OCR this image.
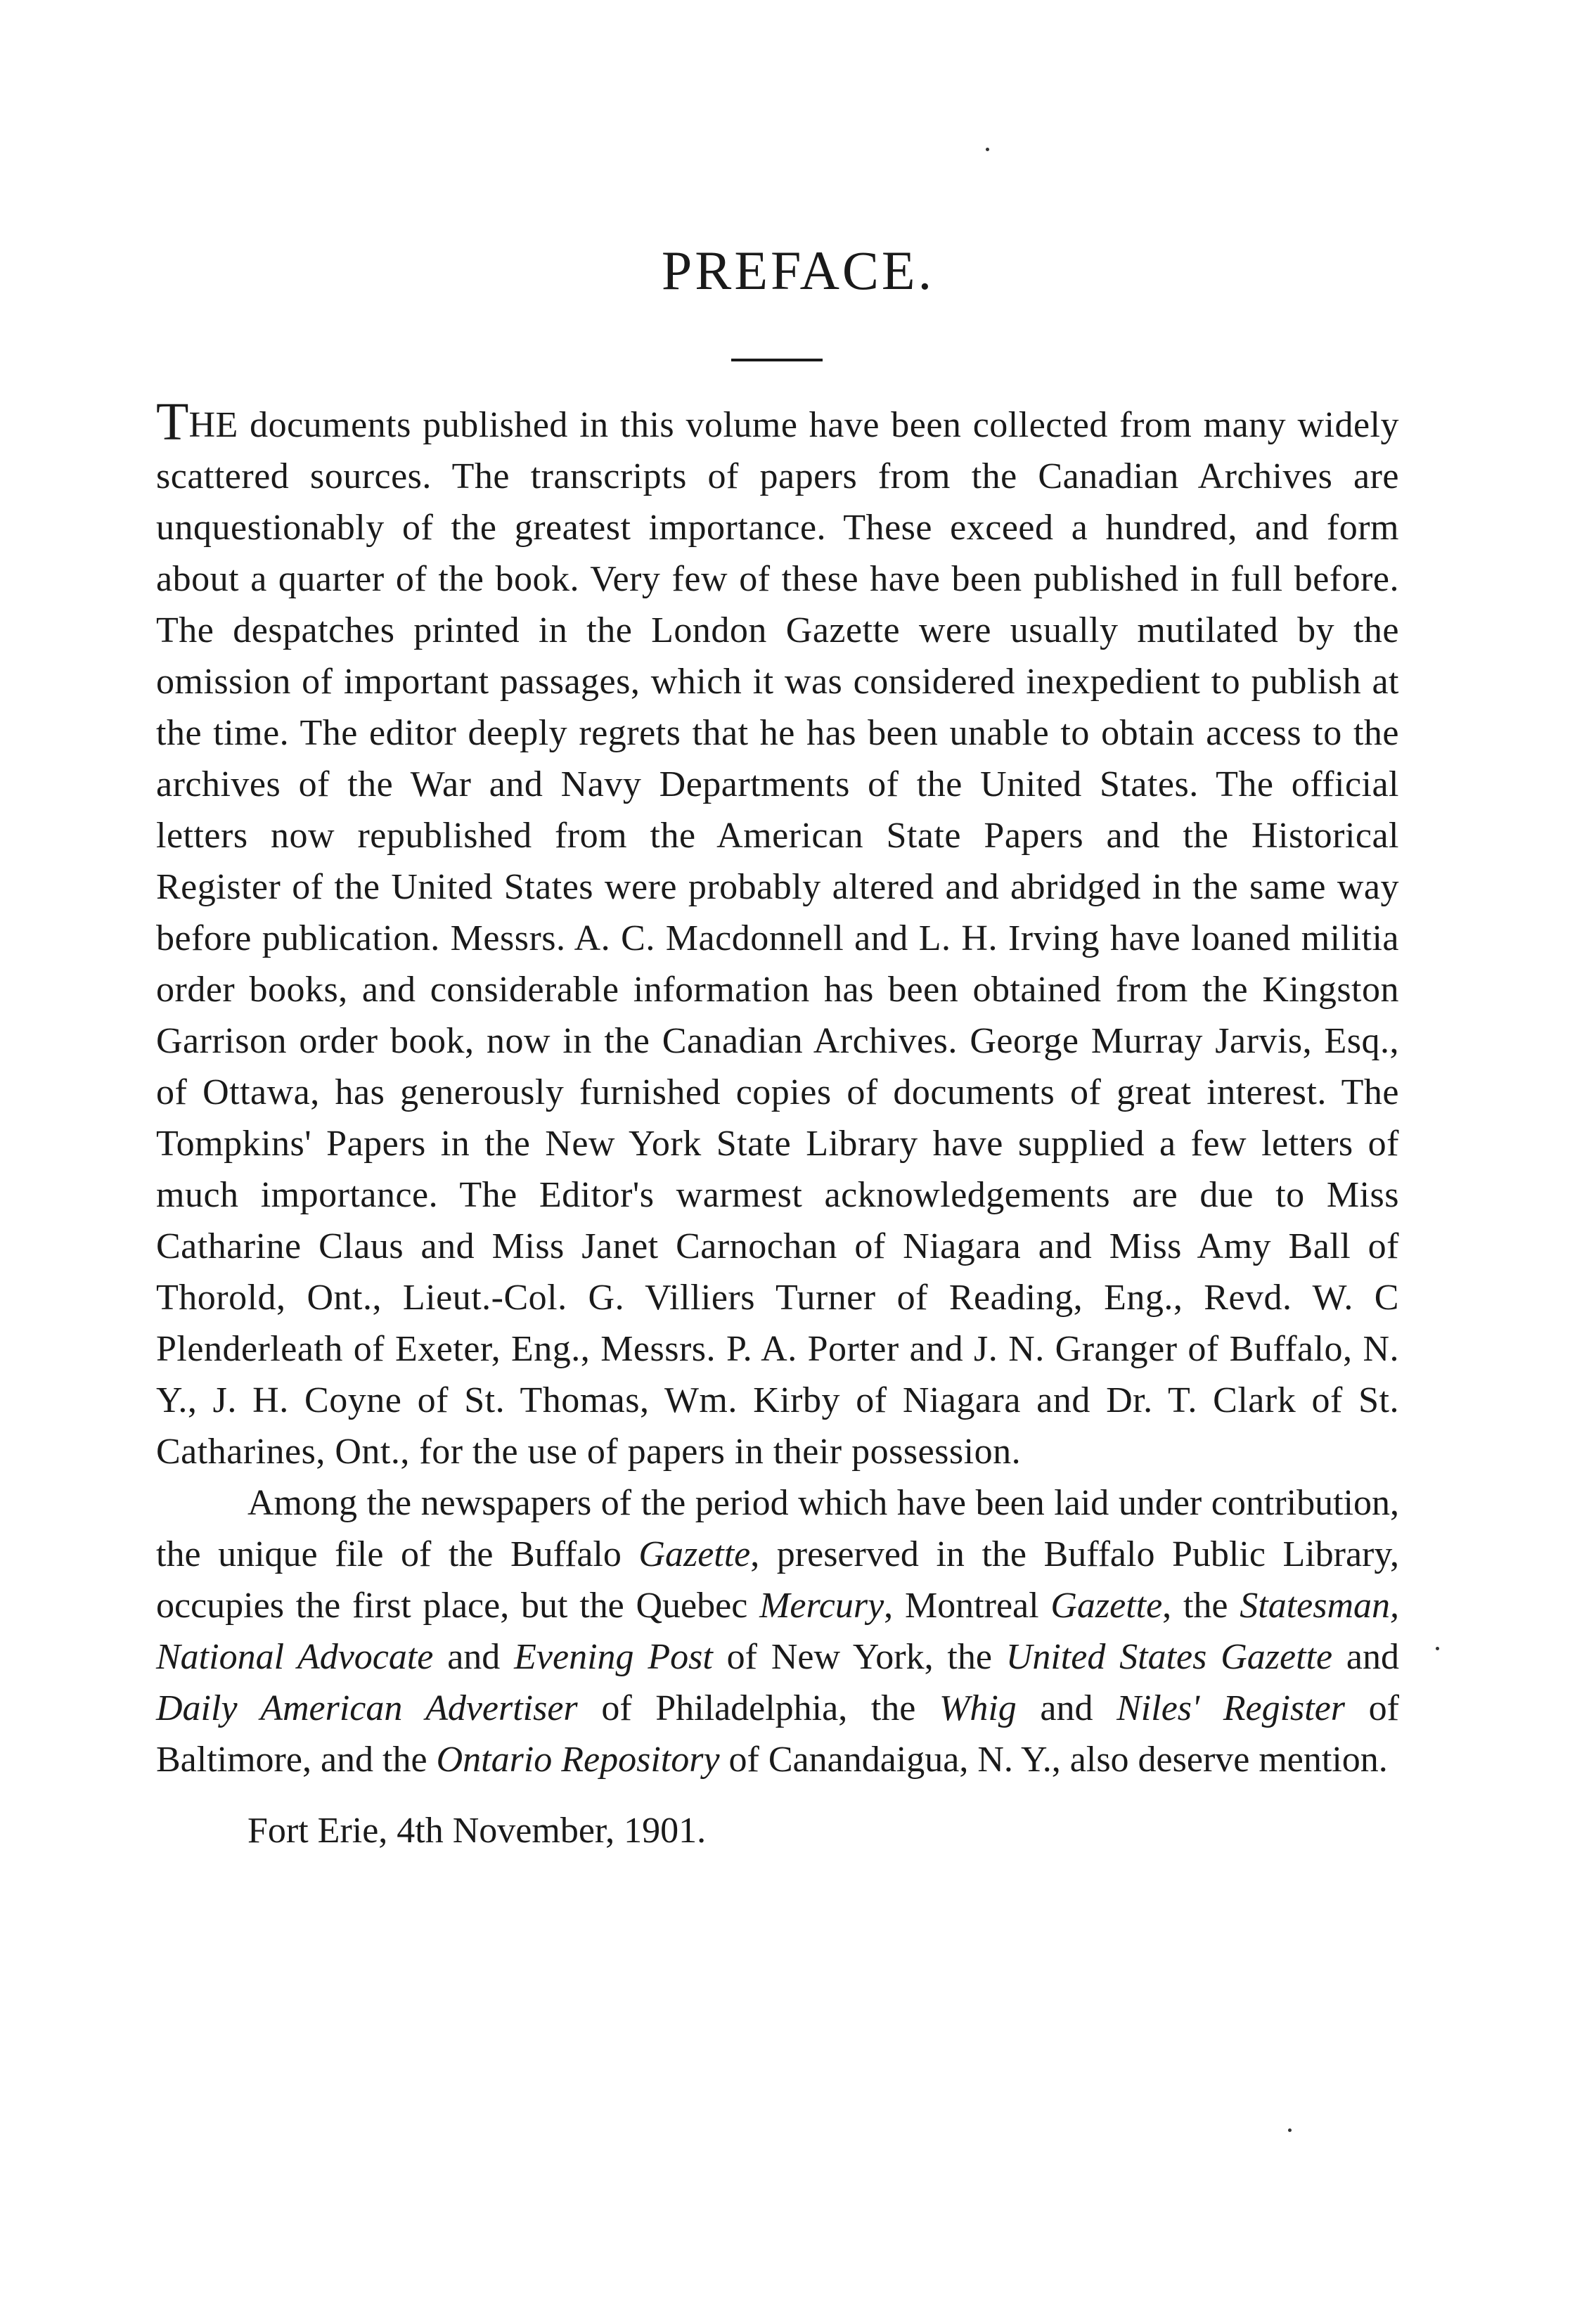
PREFACE.

THE documents published in this volume have been collected from many widely scattered sources. The transcripts of papers from the Canadian Archives are unquestionably of the greatest importance. These exceed a hundred, and form about a quarter of the book. Very few of these have been published in full before. The despatches printed in the London Gazette were usually mutilated by the omission of important passages, which it was considered inexpedient to publish at the time. The editor deeply regrets that he has been unable to obtain access to the archives of the War and Navy Departments of the United States. The official letters now republished from the American State Papers and the Historical Register of the United States were probably altered and abridged in the same way before publication. Messrs. A. C. Macdonnell and L. H. Irving have loaned militia order books, and considerable information has been obtained from the Kingston Garrison order book, now in the Canadian Archives. George Murray Jarvis, Esq., of Ottawa, has generously furnished copies of documents of great interest. The Tompkins' Papers in the New York State Library have supplied a few letters of much importance. The Editor's warmest acknowledgements are due to Miss Catharine Claus and Miss Janet Carnochan of Niagara and Miss Amy Ball of Thorold, Ont., Lieut.-Col. G. Villiers Turner of Reading, Eng., Revd. W. C Plenderleath of Exeter, Eng., Messrs. P. A. Porter and J. N. Granger of Buffalo, N. Y., J. H. Coyne of St. Thomas, Wm. Kirby of Niagara and Dr. T. Clark of St. Catharines, Ont., for the use of papers in their possession.

Among the newspapers of the period which have been laid under contribution, the unique file of the Buffalo Gazette, preserved in the Buffalo Public Library, occupies the first place, but the Quebec Mercury, Montreal Gazette, the Statesman, National Advocate and Evening Post of New York, the United States Gazette and Daily American Advertiser of Philadelphia, the Whig and Niles' Register of Baltimore, and the Ontario Repository of Canandaigua, N. Y., also deserve mention.

Fort Erie, 4th November, 1901.
